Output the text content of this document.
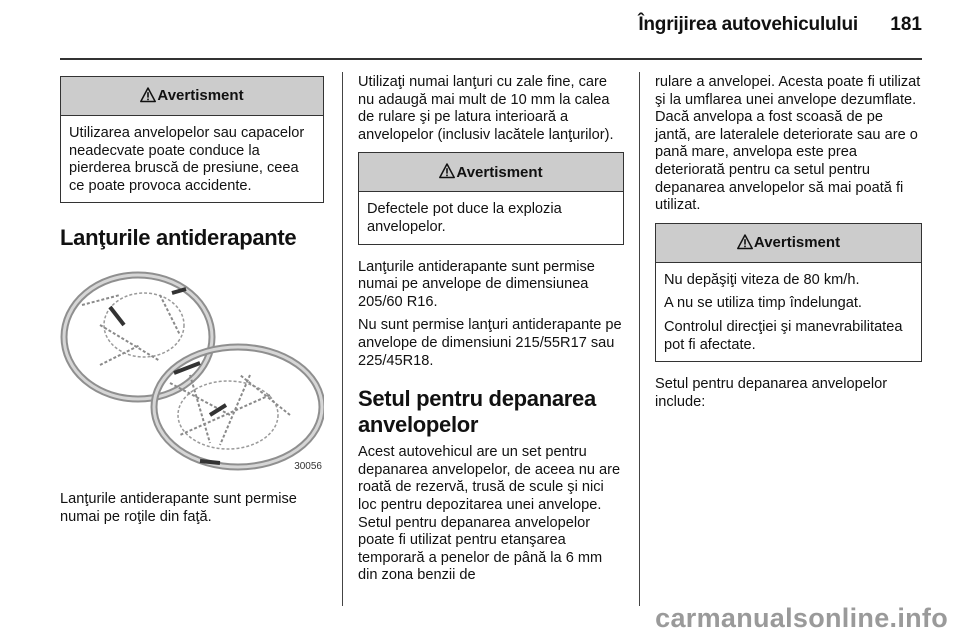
Îngrijirea autovehiculului	181
Avertisment

Utilizarea anvelopelor sau capacelor neadecvate poate conduce la pierderea bruscă de presiune, ceea ce poate provoca accidente.

Lanţurile antiderapante
30056

Lanţurile antiderapante sunt permise numai pe roţile din faţă.

Utilizaţi numai lanţuri cu zale fine, care nu adaugă mai mult de 10 mm la calea de rulare şi pe latura interioară a anvelopelor (inclusiv lacătele lanţurilor).

Avertisment

Defectele pot duce la explozia anvelopelor.

Lanţurile antiderapante sunt permise numai pe anvelope de dimensiunea 205/60 R16.

Nu sunt permise lanţuri antiderapante pe anvelope de dimensiuni 215/55R17 sau 225/45R18.

Setul pentru depanarea anvelopelor

Acest autovehicul are un set pentru depanarea anvelopelor, de aceea nu are roată de rezervă, trusă de scule şi nici loc pentru depozitarea unei anvelope. Setul pentru depanarea anvelopelor poate fi utilizat pentru etanşarea temporară a penelor de până la 6 mm din zona benzii de

rulare a anvelopei. Acesta poate fi utilizat şi la umflarea unei anvelope dezumflate. Dacă anvelopa a fost scoasă de pe jantă, are lateralele deteriorate sau are o pană mare, anvelopa este prea deteriorată pentru ca setul pentru depanarea anvelopelor să mai poată fi utilizat.

Avertisment

Nu depăşiţi viteza de 80 km/h.

A nu se utiliza timp îndelungat.

Controlul direcţiei şi manevrabilitatea pot fi afectate.

Setul pentru depanarea anvelopelor include:

carmanualsonline.info
